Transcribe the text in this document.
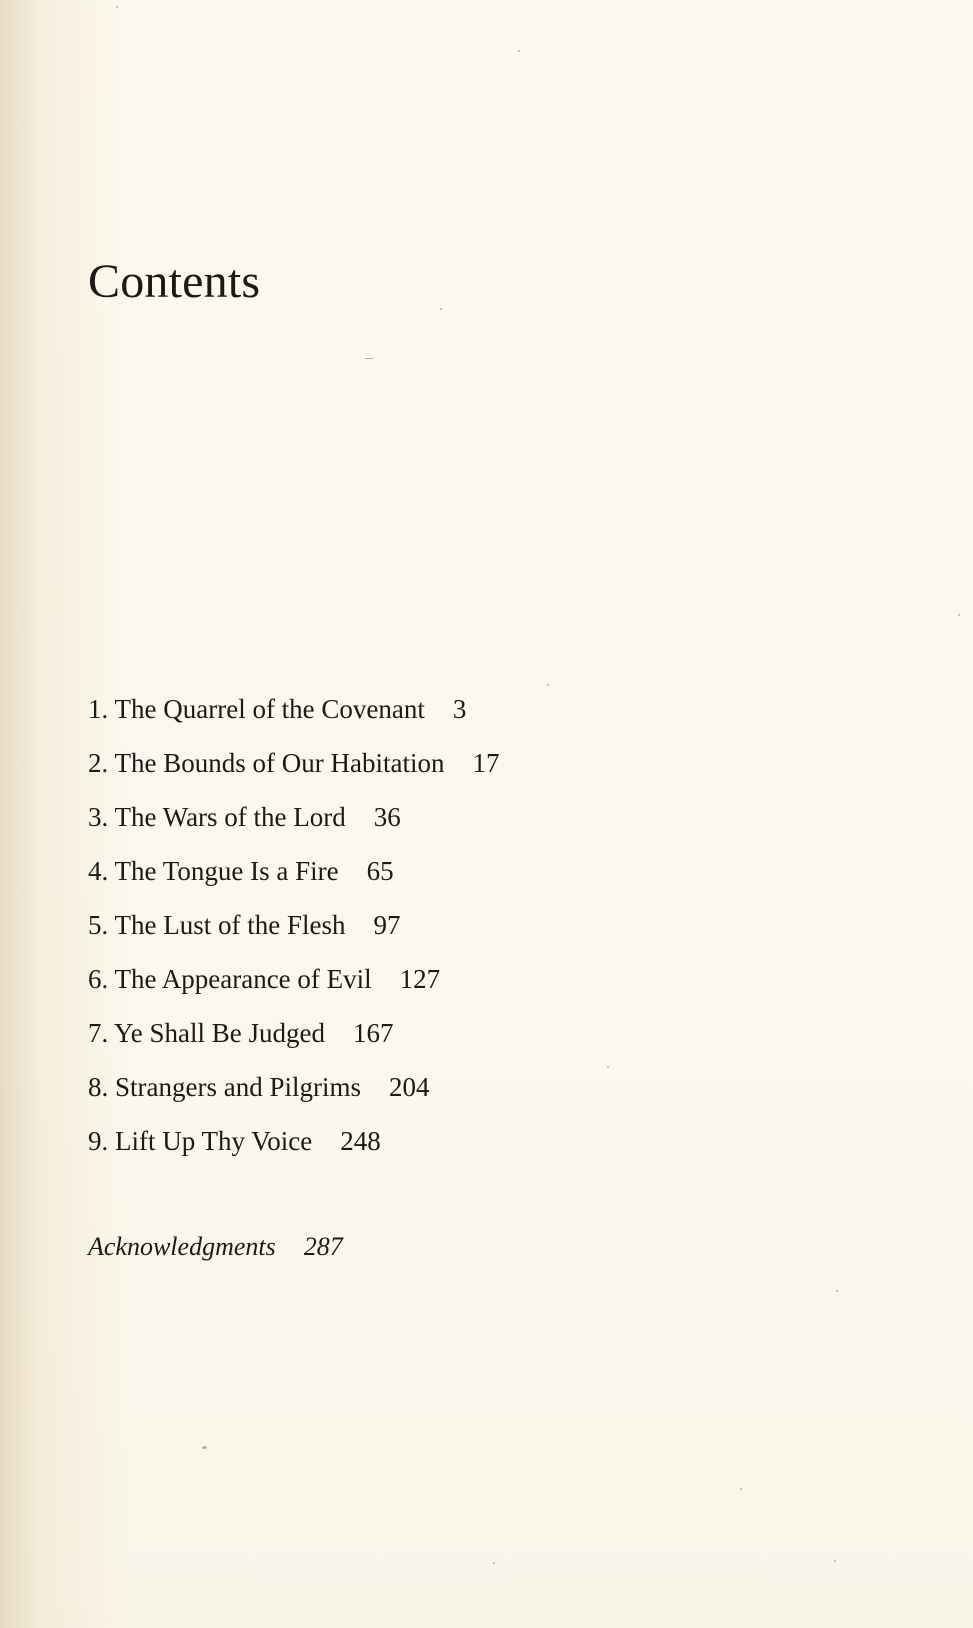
Contents
1. The Quarrel of the Covenant 3
2. The Bounds of Our Habitation 17
3. The Wars of the Lord 36
4. The Tongue Is a Fire 65
5. The Lust of the Flesh 97
6. The Appearance of Evil 127
7. Ye Shall Be Judged 167
8. Strangers and Pilgrims 204
9. Lift Up Thy Voice 248
Acknowledgments 287
